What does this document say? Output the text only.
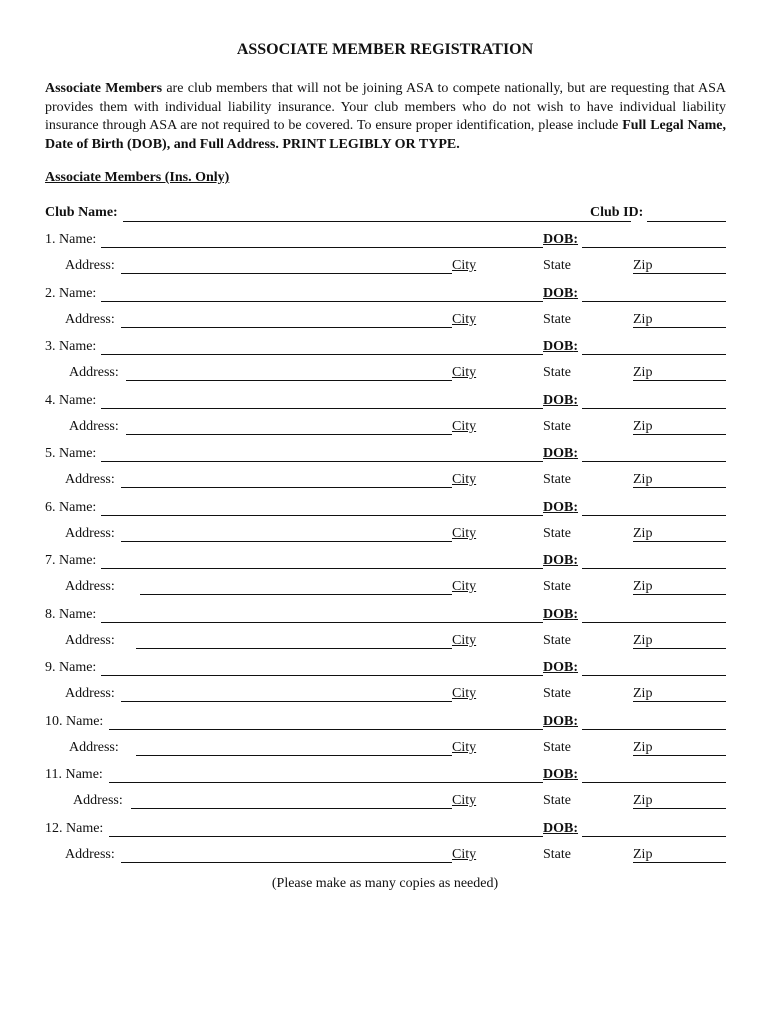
ASSOCIATE MEMBER REGISTRATION
Associate Members are club members that will not be joining ASA to compete nationally, but are requesting that ASA provides them with individual liability insurance. Your club members who do not wish to have individual liability insurance through ASA are not required to be covered. To ensure proper identification, please include Full Legal Name, Date of Birth (DOB), and Full Address. PRINT LEGIBLY OR TYPE.
Associate Members (Ins. Only)
Club Name:	Club ID:
1. Name:	DOB:
Address:	City	State	Zip
2. Name:	DOB:
Address:	City	State	Zip
3. Name:	DOB:
Address:	City	State	Zip
4. Name:	DOB:
Address:	City	State	Zip
5. Name:	DOB:
Address:	City	State	Zip
6. Name:	DOB:
Address:	City	State	Zip
7. Name:	DOB:
Address:	City	State	Zip
8. Name:	DOB:
Address:	City	State	Zip
9. Name:	DOB:
Address:	City	State	Zip
10. Name:	DOB:
Address:	City	State	Zip
11. Name:	DOB:
Address:	City	State	Zip
12. Name:	DOB:
Address:	City	State	Zip
(Please make as many copies as needed)
